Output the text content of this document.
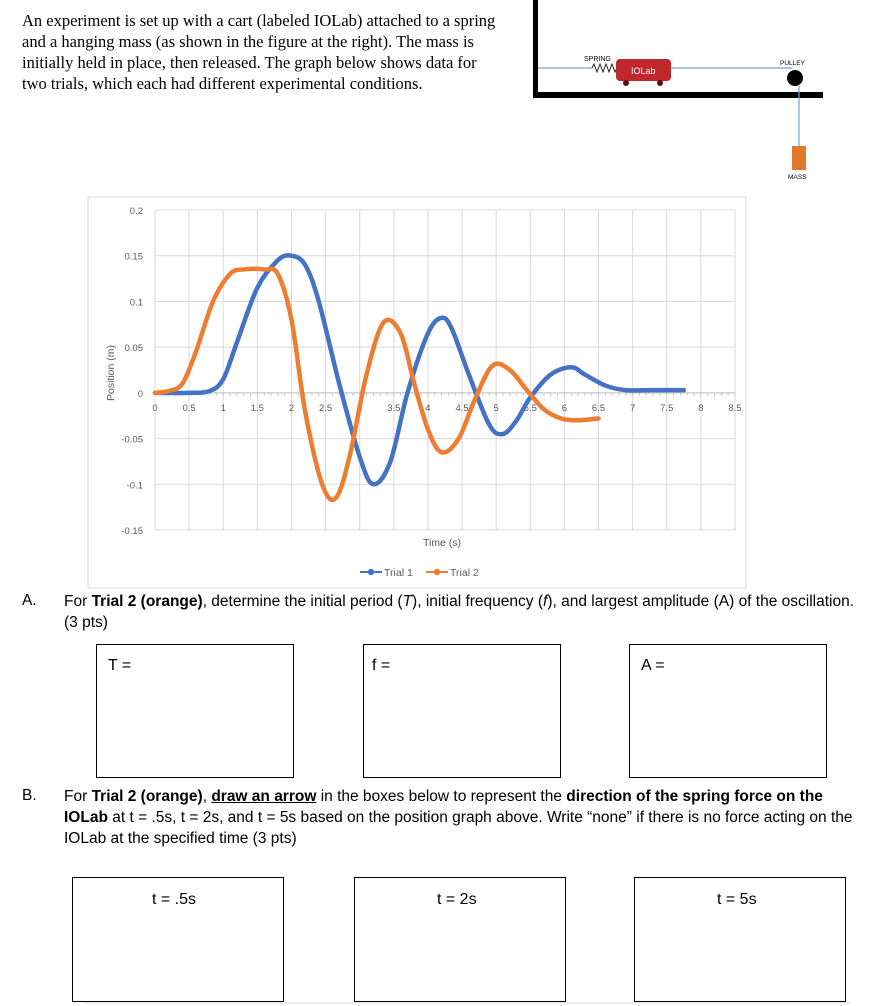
An experiment is set up with a cart (labeled IOLab) attached to a spring and a hanging mass (as shown in the figure at the right). The mass is initially held in place, then released. The graph below shows data for two trials, which each had different experimental conditions.
SPRING
IOLab
PULLEY
MASS
0.2
0.15
0.1
0.05
0
-0.05
-0.1
-0.15
0	0.5	1	1.5	2	2.5	3	3.5	4	4.5	5	5.5	6	6.5	7	7.5	8	8.5
Position (m)
Time (s)
Trial 1	Trial 2
A. For Trial 2 (orange), determine the initial period (T), initial frequency (f), and largest amplitude (A) of the oscillation. (3 pts)
T =	f =	A =
B. For Trial 2 (orange), draw an arrow in the boxes below to represent the direction of the spring force on the IOLab at t = .5s, t = 2s, and t = 5s based on the position graph above. Write “none” if there is no force acting on the IOLab at the specified time (3 pts)
t = .5s	t = 2s	t = 5s
